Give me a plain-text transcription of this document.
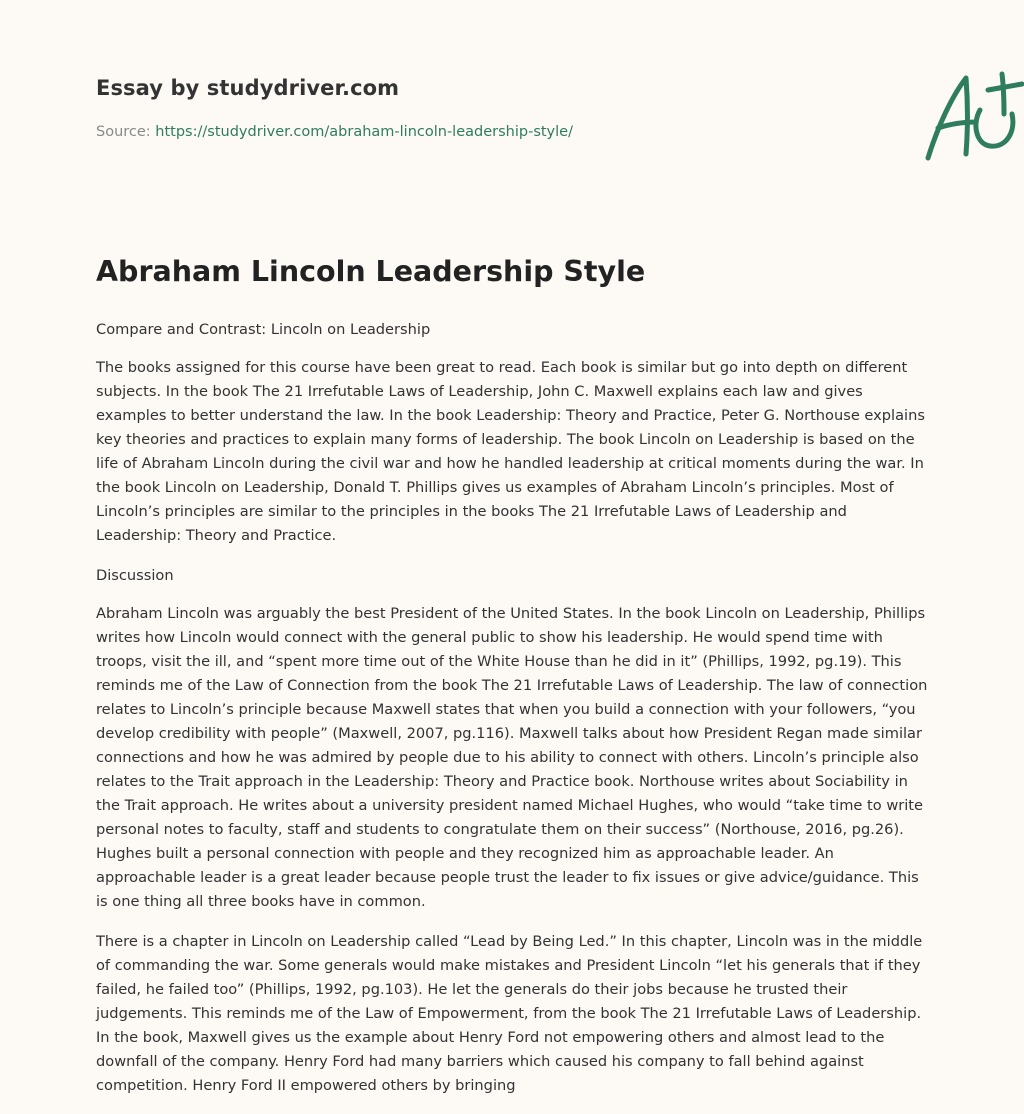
Essay by studydriver.com
Source: https://studydriver.com/abraham-lincoln-leadership-style/
Abraham Lincoln Leadership Style

Compare and Contrast: Lincoln on Leadership

The books assigned for this course have been great to read. Each book is similar but go into depth on different subjects. In the book The 21 Irrefutable Laws of Leadership, John C. Maxwell explains each law and gives examples to better understand the law. In the book Leadership: Theory and Practice, Peter G. Northouse explains key theories and practices to explain many forms of leadership. The book Lincoln on Leadership is based on the life of Abraham Lincoln during the civil war and how he handled leadership at critical moments during the war. In the book Lincoln on Leadership, Donald T. Phillips gives us examples of Abraham Lincoln’s principles. Most of Lincoln’s principles are similar to the principles in the books The 21 Irrefutable Laws of Leadership and Leadership: Theory and Practice.

Discussion

Abraham Lincoln was arguably the best President of the United States. In the book Lincoln on Leadership, Phillips writes how Lincoln would connect with the general public to show his leadership. He would spend time with troops, visit the ill, and “spent more time out of the White House than he did in it” (Phillips, 1992, pg.19). This reminds me of the Law of Connection from the book The 21 Irrefutable Laws of Leadership. The law of connection relates to Lincoln’s principle because Maxwell states that when you build a connection with your followers, “you develop credibility with people” (Maxwell, 2007, pg.116). Maxwell talks about how President Regan made similar connections and how he was admired by people due to his ability to connect with others. Lincoln’s principle also relates to the Trait approach in the Leadership: Theory and Practice book. Northouse writes about Sociability in the Trait approach. He writes about a university president named Michael Hughes, who would “take time to write personal notes to faculty, staff and students to congratulate them on their success” (Northouse, 2016, pg.26). Hughes built a personal connection with people and they recognized him as approachable leader. An approachable leader is a great leader because people trust the leader to fix issues or give advice/guidance. This is one thing all three books have in common.

There is a chapter in Lincoln on Leadership called “Lead by Being Led.” In this chapter, Lincoln was in the middle of commanding the war. Some generals would make mistakes and President Lincoln “let his generals that if they failed, he failed too” (Phillips, 1992, pg.103). He let the generals do their jobs because he trusted their judgements. This reminds me of the Law of Empowerment, from the book The 21 Irrefutable Laws of Leadership. In the book, Maxwell gives us the example about Henry Ford not empowering others and almost lead to the downfall of the company. Henry Ford had many barriers which caused his company to fall behind against competition. Henry Ford II empowered others by bringing
